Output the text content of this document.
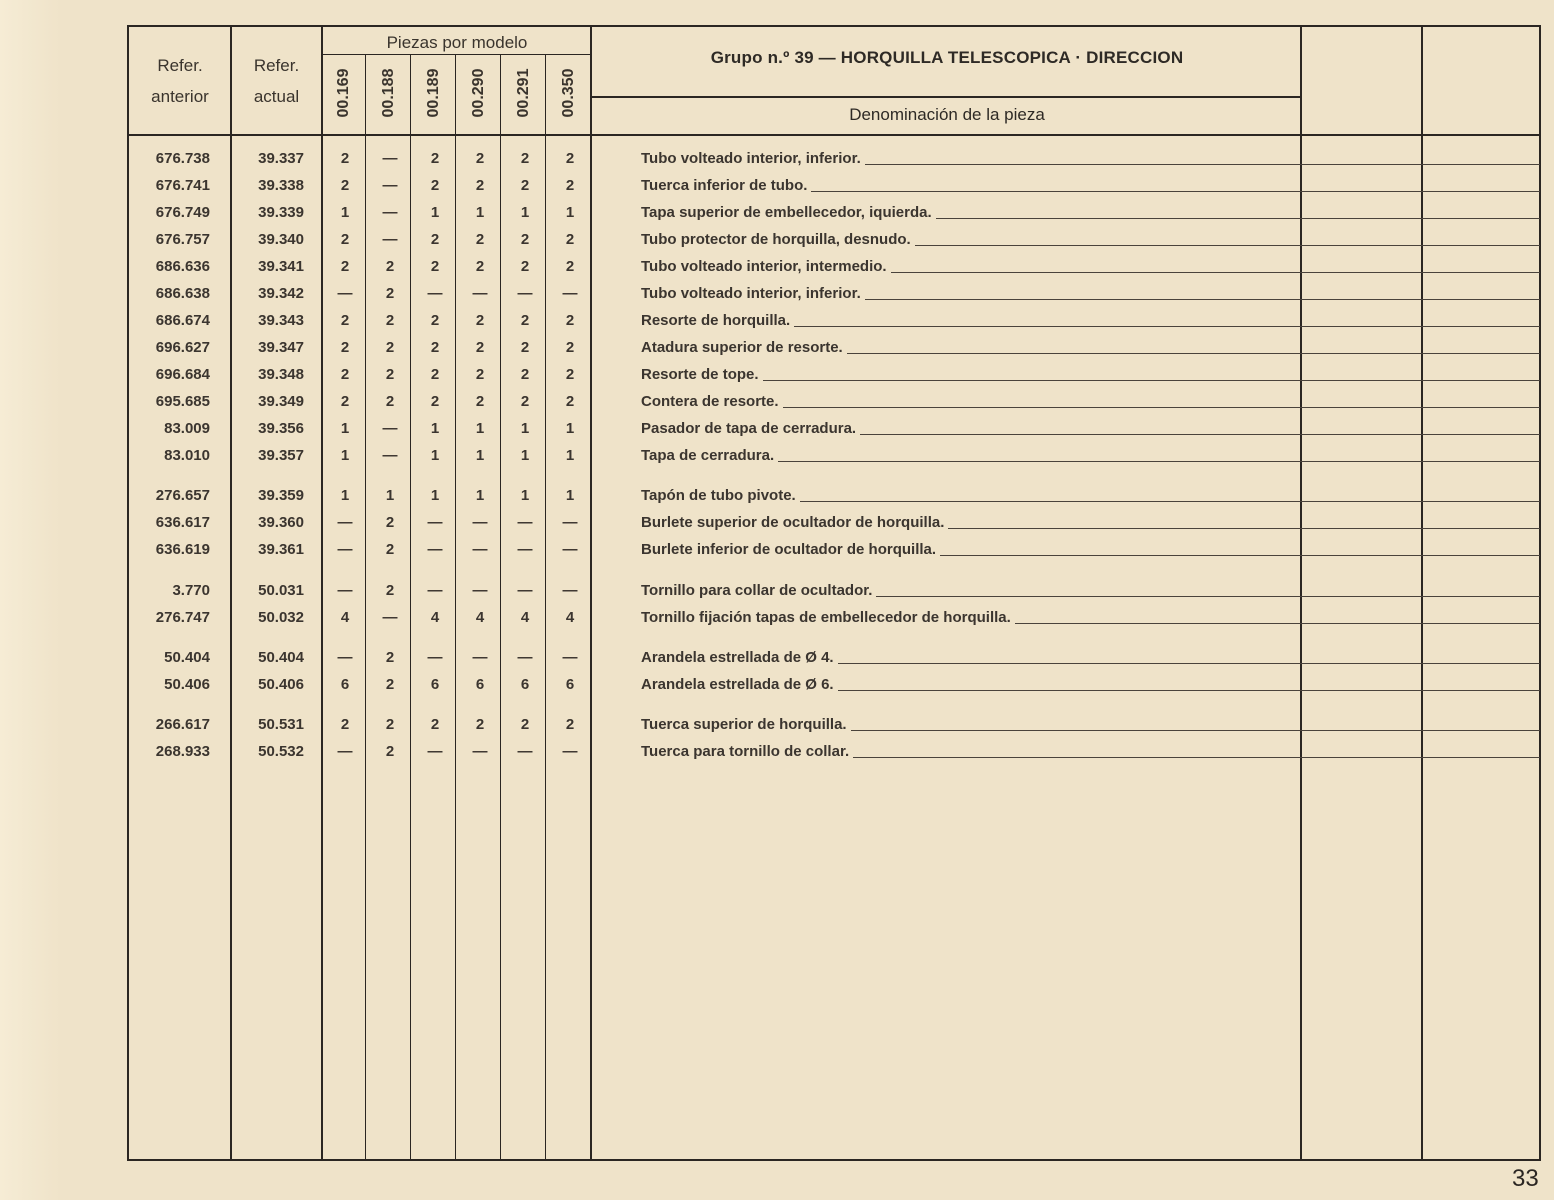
Refer.
anterior
Refer.
actual
Piezas por modelo
00.169 00.188 00.189 00.290 00.291 00.350
Grupo n.º 39 — HORQUILLA TELESCOPICA · DIRECCION
Denominación de la pieza
676.738	39.337	2	—	2	2	2	2	Tubo volteado interior, inferior.
676.741	39.338	2	—	2	2	2	2	Tuerca inferior de tubo.
676.749	39.339	1	—	1	1	1	1	Tapa superior de embellecedor, iquierda.
676.757	39.340	2	—	2	2	2	2	Tubo protector de horquilla, desnudo.
686.636	39.341	2	2	2	2	2	2	Tubo volteado interior, intermedio.
686.638	39.342	—	2	—	—	—	—	Tubo volteado interior, inferior.
686.674	39.343	2	2	2	2	2	2	Resorte de horquilla.
696.627	39.347	2	2	2	2	2	2	Atadura superior de resorte.
696.684	39.348	2	2	2	2	2	2	Resorte de tope.
695.685	39.349	2	2	2	2	2	2	Contera de resorte.
83.009	39.356	1	—	1	1	1	1	Pasador de tapa de cerradura.
83.010	39.357	1	—	1	1	1	1	Tapa de cerradura.
276.657	39.359	1	1	1	1	1	1	Tapón de tubo pivote.
636.617	39.360	—	2	—	—	—	—	Burlete superior de ocultador de horquilla.
636.619	39.361	—	2	—	—	—	—	Burlete inferior de ocultador de horquilla.
3.770	50.031	—	2	—	—	—	—	Tornillo para collar de ocultador.
276.747	50.032	4	—	4	4	4	4	Tornillo fijación tapas de embellecedor de horquilla.
50.404	50.404	—	2	—	—	—	—	Arandela estrellada de Ø 4.
50.406	50.406	6	2	6	6	6	6	Arandela estrellada de Ø 6.
266.617	50.531	2	2	2	2	2	2	Tuerca superior de horquilla.
268.933	50.532	—	2	—	—	—	—	Tuerca para tornillo de collar.
33
